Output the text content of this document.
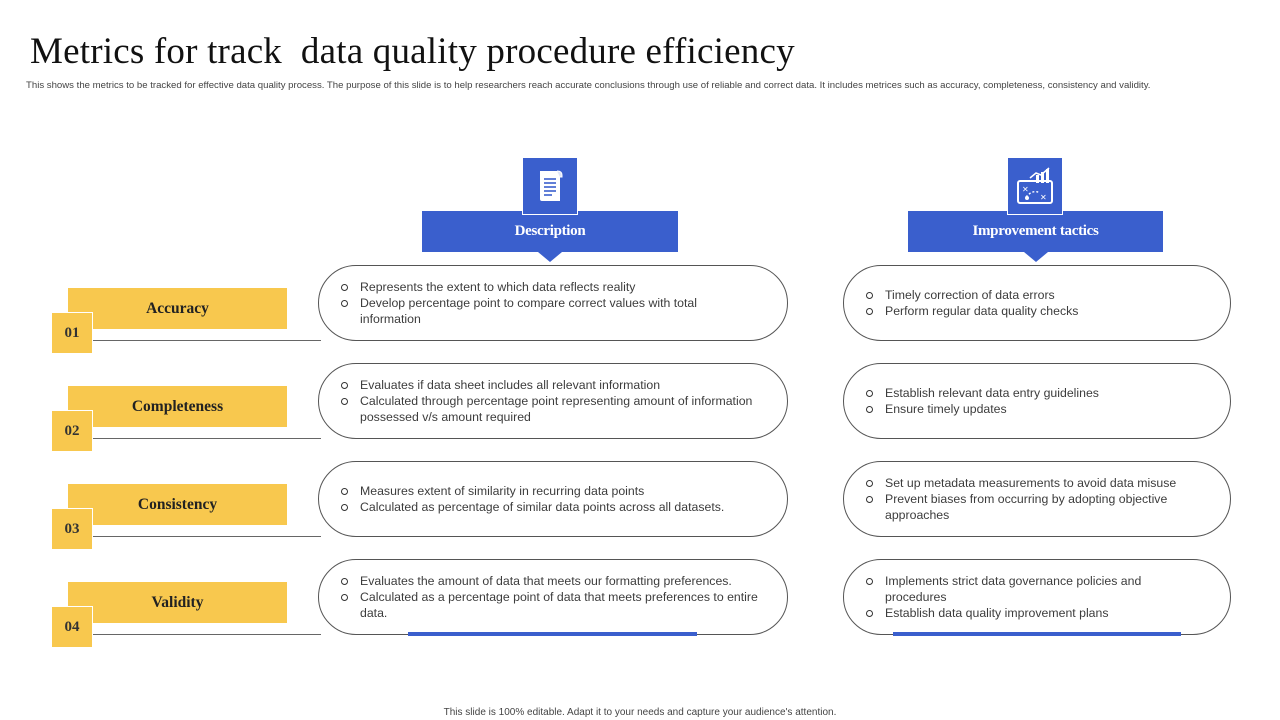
Metrics for track  data quality procedure efficiency
This shows the metrics to be tracked for effective data quality process. The purpose of this slide is to help researchers reach accurate conclusions through use of reliable and correct data. It includes metrices such as accuracy, completeness, consistency and validity.
Description	Improvement tactics
✕
✕
Accuracy
01
Completeness
02
Consistency
03
Validity
04
Represents the extent to which data reflects reality
Develop percentage point to compare correct values with total information
Evaluates if data sheet includes all relevant information
Calculated through percentage point representing amount of information possessed v/s amount required
Measures extent of similarity in recurring data points
Calculated as percentage of similar data points across all datasets.
Evaluates the amount of data that meets our formatting preferences.
Calculated as a percentage point of data that meets preferences to entire data.
Timely correction of data errors
Perform regular data quality checks
Establish relevant data entry guidelines
Ensure timely updates
Set up metadata measurements to avoid data misuse
Prevent biases from occurring by adopting objective approaches
Implements strict data governance policies and procedures
Establish data quality improvement plans
This slide is 100% editable. Adapt it to your needs and capture your audience's attention.
